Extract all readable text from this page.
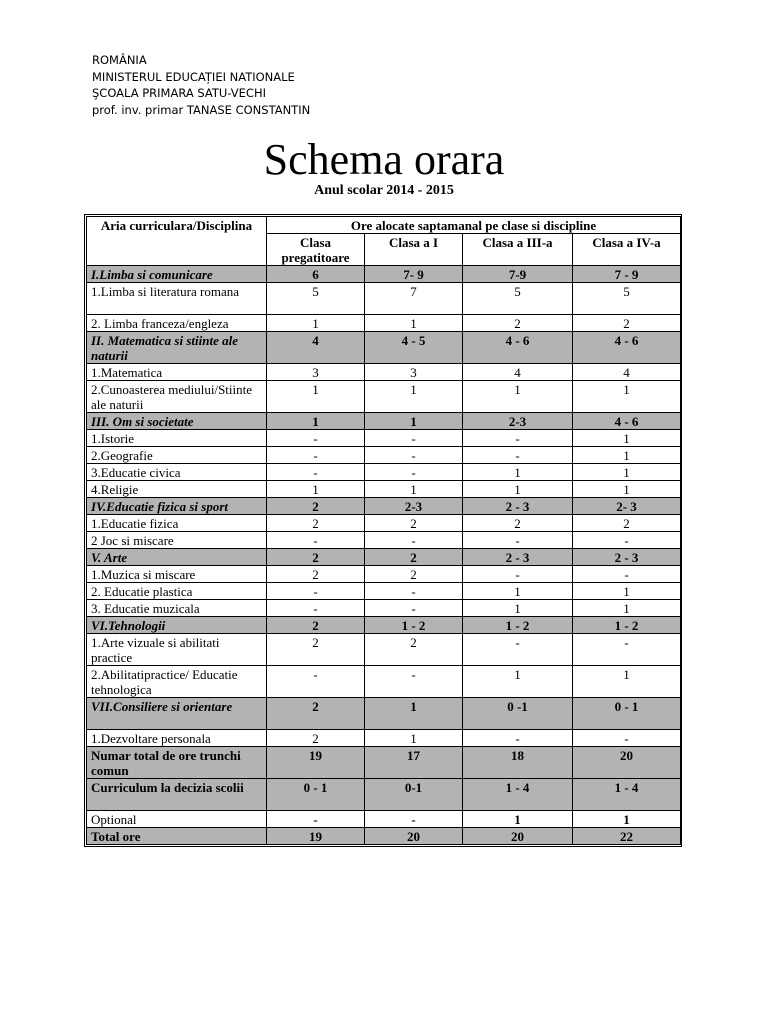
ROMÂNIA
MINISTERUL EDUCAȚIEI NATIONALE
ŞCOALA PRIMARA SATU-VECHI
prof. inv. primar TANASE CONSTANTIN
Schema orara
Anul scolar 2014 - 2015
Aria curriculara/Disciplina	Ore alocate saptamanal pe clase si discipline			
	Clasa pregatitoare	Clasa a I	Clasa a III-a	Clasa a IV-a
I.Limba si comunicare	6	7- 9	7-9	7 - 9
1.Limba si literatura romana	5	7	5	5
2. Limba franceza/engleza	1	1	2	2
II. Matematica si stiinte ale naturii	4	4 - 5	4 - 6	4 - 6
1.Matematica	3	3	4	4
2.Cunoasterea mediului/Stiinte ale naturii	1	1	1	1
III. Om si societate	1	1	2-3	4 - 6
1.Istorie	-	-	-	1
2.Geografie	-	-	-	1
3.Educatie civica	-	-	1	1
4.Religie	1	1	1	1
IV.Educatie fizica si sport	2	2-3	2 - 3	2- 3
1.Educatie fizica	2	2	2	2
2 Joc si miscare	-	-	-	-
V. Arte	2	2	2 - 3	2 - 3
1.Muzica si miscare	2	2	-	-
2. Educatie plastica	-	-	1	1
3. Educatie muzicala	-	-	1	1
VI.Tehnologii	2	1 - 2	1 - 2	1 - 2
1.Arte vizuale si abilitati practice	2	2	-	-
2.Abilitatipractice/ Educatie tehnologica	-	-	1	1
VII.Consiliere si orientare	2	1	0 -1	0 - 1
1.Dezvoltare personala	2	1	-	-
Numar total de ore trunchi comun	19	17	18	20
Curriculum la decizia scolii	0 - 1	0-1	1 - 4	1 - 4
Optional	-	-	1	1
Total ore	19	20	20	22
